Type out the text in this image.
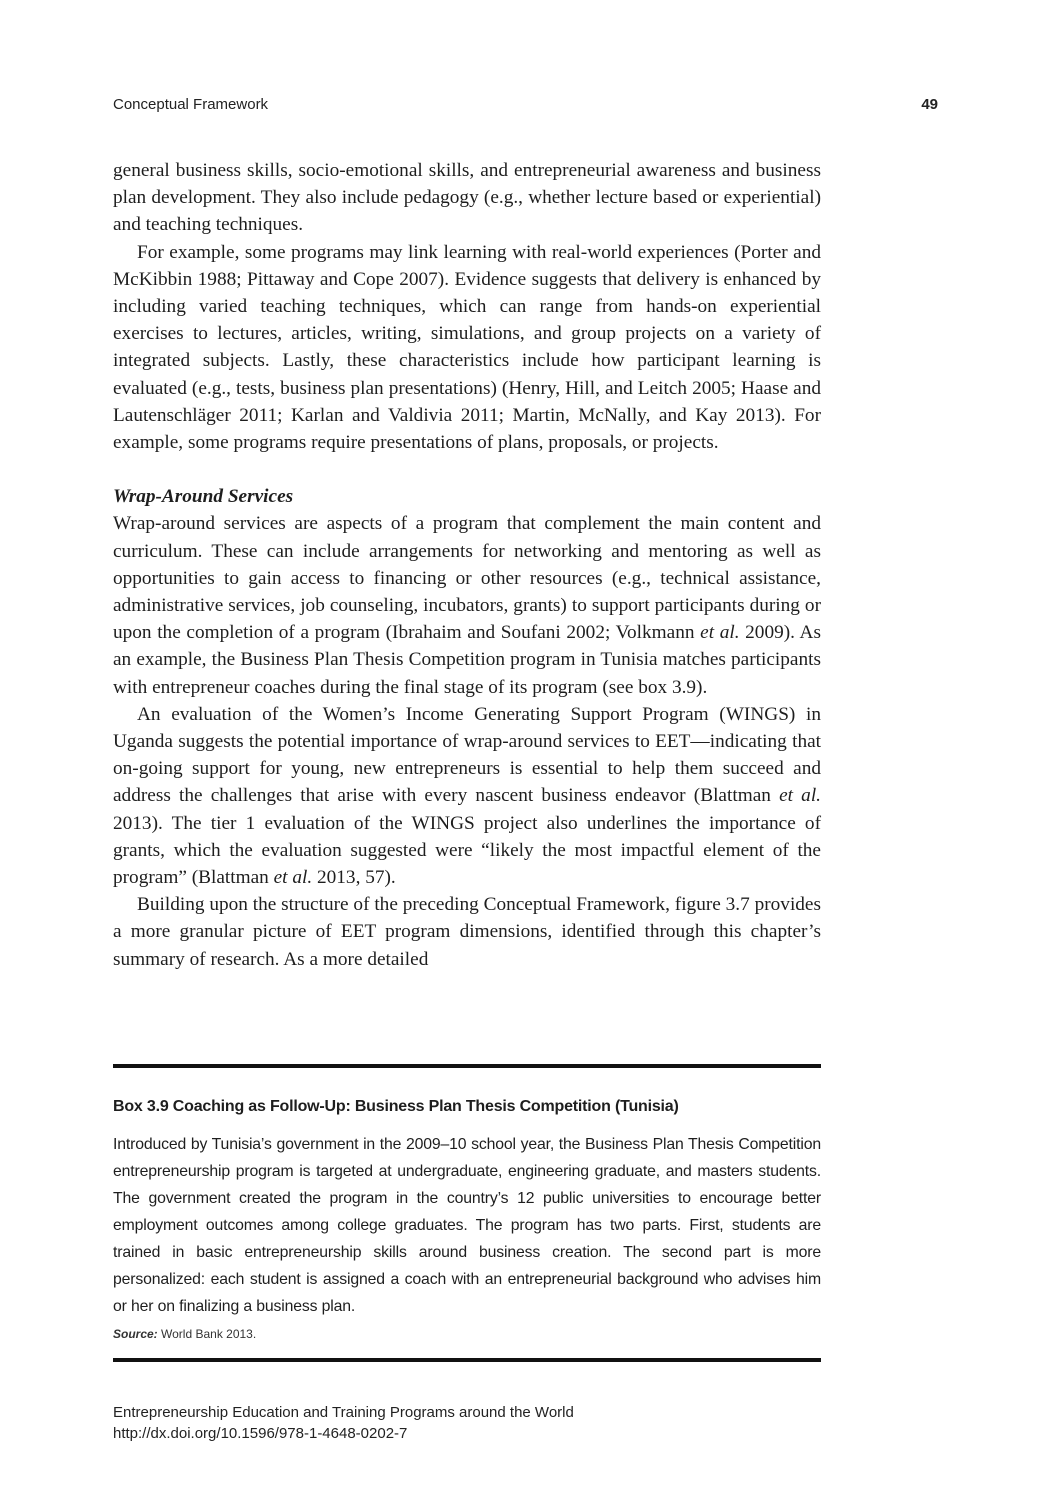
Conceptual Framework	49

general business skills, socio-emotional skills, and entrepreneurial awareness and business plan development. They also include pedagogy (e.g., whether lecture based or experiential) and teaching techniques.

For example, some programs may link learning with real-world experiences (Porter and McKibbin 1988; Pittaway and Cope 2007). Evidence suggests that delivery is enhanced by including varied teaching techniques, which can range from hands-on experiential exercises to lectures, articles, writing, simulations, and group projects on a variety of integrated subjects. Lastly, these characteristics include how participant learning is evaluated (e.g., tests, business plan presentations) (Henry, Hill, and Leitch 2005; Haase and Lautenschläger 2011; Karlan and Valdivia 2011; Martin, McNally, and Kay 2013). For example, some programs require presentations of plans, proposals, or projects.

Wrap-Around Services

Wrap-around services are aspects of a program that complement the main content and curriculum. These can include arrangements for networking and mentoring as well as opportunities to gain access to financing or other resources (e.g., technical assistance, administrative services, job counseling, incubators, grants) to support participants during or upon the completion of a program (Ibrahaim and Soufani 2002; Volkmann et al. 2009). As an example, the Business Plan Thesis Competition program in Tunisia matches participants with entrepreneur coaches during the final stage of its program (see box 3.9).

An evaluation of the Women’s Income Generating Support Program (WINGS) in Uganda suggests the potential importance of wrap-around services to EET—indicating that on-going support for young, new entrepreneurs is essential to help them succeed and address the challenges that arise with every nascent business endeavor (Blattman et al. 2013). The tier 1 evaluation of the WINGS project also underlines the importance of grants, which the evaluation suggested were “likely the most impactful element of the program” (Blattman et al. 2013, 57).

Building upon the structure of the preceding Conceptual Framework, figure 3.7 provides a more granular picture of EET program dimensions, identified through this chapter’s summary of research. As a more detailed

Box 3.9 Coaching as Follow-Up: Business Plan Thesis Competition (Tunisia)
Introduced by Tunisia’s government in the 2009–10 school year, the Business Plan Thesis Competition entrepreneurship program is targeted at undergraduate, engineering graduate, and masters students. The government created the program in the country’s 12 public universities to encourage better employment outcomes among college graduates. The program has two parts. First, students are trained in basic entrepreneurship skills around business creation. The second part is more personalized: each student is assigned a coach with an entrepreneurial background who advises him or her on finalizing a business plan.
Source: World Bank 2013.
Entrepreneurship Education and Training Programs around the World
http://dx.doi.org/10.1596/978-1-4648-0202-7
